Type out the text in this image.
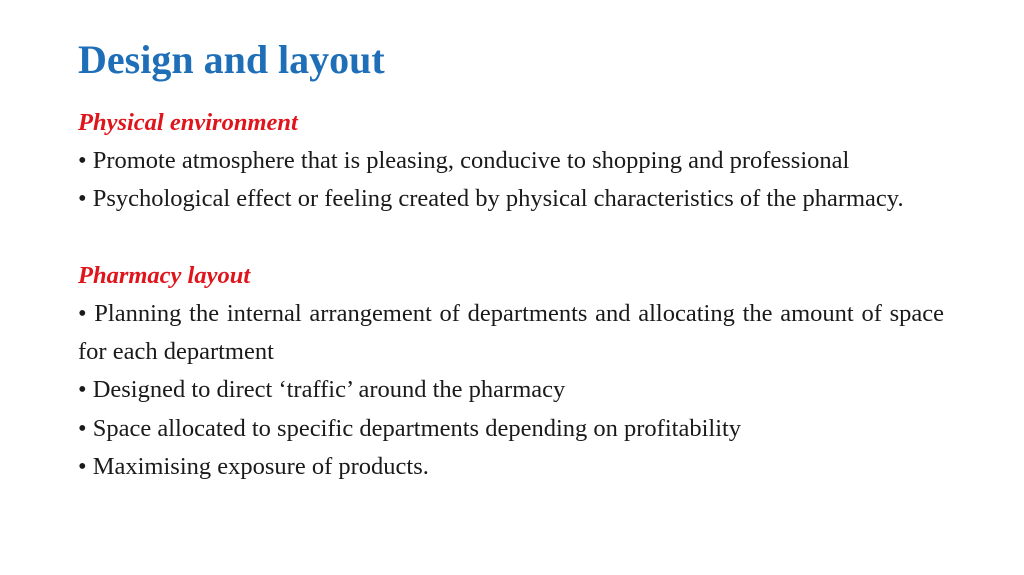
Design and layout

Physical environment

• Promote atmosphere that is pleasing, conducive to shopping and professional

• Psychological effect or feeling created by physical characteristics of the pharmacy.

Pharmacy layout

• Planning the internal arrangement of departments and allocating the amount of space for each department

• Designed to direct ‘traffic’ around the pharmacy

• Space allocated to specific departments depending on profitability

• Maximising exposure of products.
